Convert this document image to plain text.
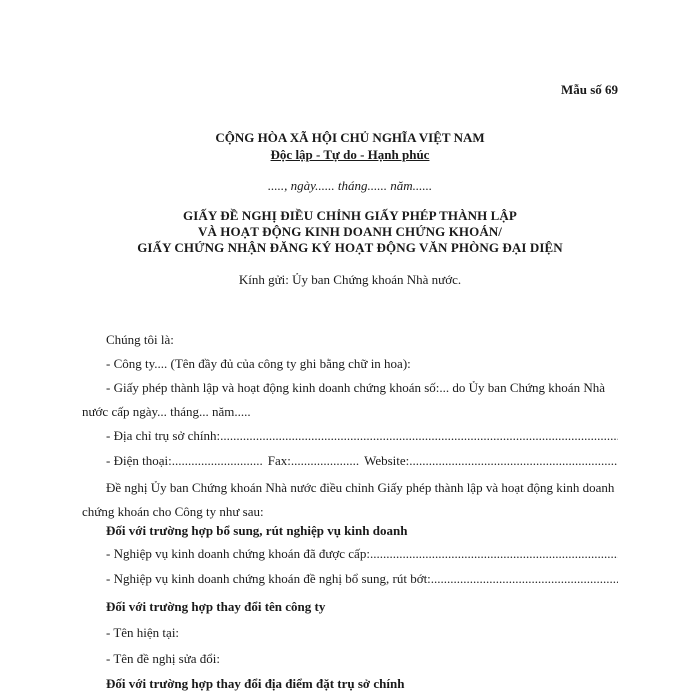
Mẫu số 69
CỘNG HÒA XÃ HỘI CHỦ NGHĨA VIỆT NAM
Độc lập - Tự do - Hạnh phúc
....., ngày...... tháng...... năm......
GIẤY ĐỀ NGHỊ ĐIỀU CHỈNH GIẤY PHÉP THÀNH LẬP
VÀ HOẠT ĐỘNG KINH DOANH CHỨNG KHOÁN/
GIẤY CHỨNG NHẬN ĐĂNG KÝ HOẠT ĐỘNG VĂN PHÒNG ĐẠI DIỆN
Kính gửi: Ủy ban Chứng khoán Nhà nước.
Chúng tôi là:
- Công ty.... (Tên đầy đủ của công ty ghi bằng chữ in hoa):
- Giấy phép thành lập và hoạt động kinh doanh chứng khoán số:... do Ủy ban Chứng khoán Nhà nước cấp ngày... tháng... năm.....
- Địa chỉ trụ sở chính:
.....
- Điện thoại: ............................ Fax: ..................... Website:
.....
Đề nghị Ủy ban Chứng khoán Nhà nước điều chỉnh Giấy phép thành lập và hoạt động kinh doanh chứng khoán cho Công ty như sau:
Đối với trường hợp bổ sung, rút nghiệp vụ kinh doanh
- Nghiệp vụ kinh doanh chứng khoán đã được cấp:
.....
- Nghiệp vụ kinh doanh chứng khoán đề nghị bổ sung, rút bớt:
.....
Đối với trường hợp thay đổi tên công ty
- Tên hiện tại:
- Tên đề nghị sửa đổi:
Đối với trường hợp thay đổi địa điểm đặt trụ sở chính
